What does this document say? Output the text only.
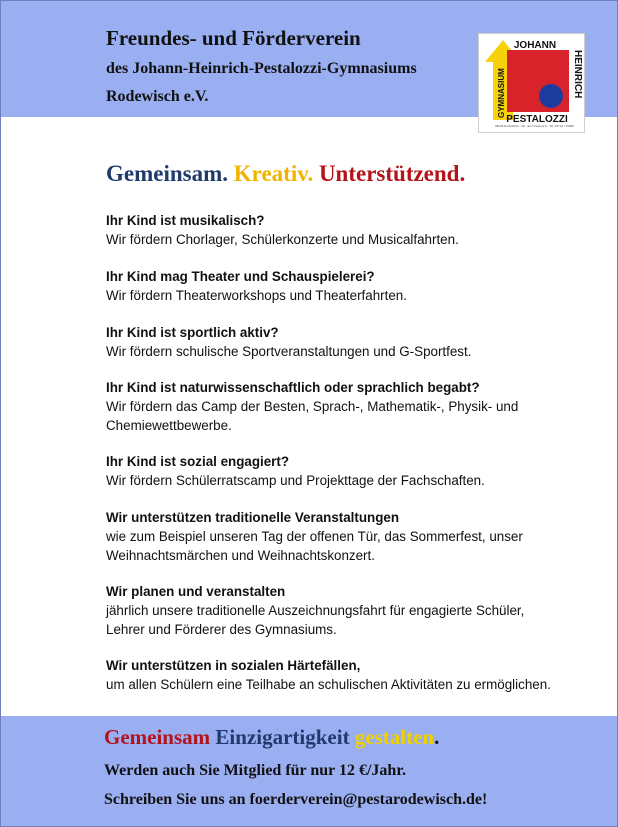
Freundes- und Förderverein
des Johann-Heinrich-Pestalozzi-Gymnasiums
Rodewisch e.V.
JOHANN
HEINRICH
PESTALOZZI
GYMNASIUM
08228 Rodewisch · Str. des Friedens 6 · Tel. 03744 / 36980
Gemeinsam. Kreativ. Unterstützend.
Ihr Kind ist musikalisch?
Wir fördern Chorlager, Schülerkonzerte und Musicalfahrten.
Ihr Kind mag Theater und Schauspielerei?
Wir fördern Theaterworkshops und Theaterfahrten.
Ihr Kind ist sportlich aktiv?
Wir fördern schulische Sportveranstaltungen und G-Sportfest.
Ihr Kind ist naturwissenschaftlich oder sprachlich begabt?
Wir fördern das Camp der Besten, Sprach-, Mathematik-, Physik- und
Chemiewettbewerbe.
Ihr Kind ist sozial engagiert?
Wir fördern Schülerratscamp und Projekttage der Fachschaften.
Wir unterstützen traditionelle Veranstaltungen
wie zum Beispiel unseren Tag der offenen Tür, das Sommerfest, unser
Weihnachtsmärchen und Weihnachtskonzert.
Wir planen und veranstalten
jährlich unsere traditionelle Auszeichnungsfahrt für engagierte Schüler,
Lehrer und Förderer des Gymnasiums.
Wir unterstützen in sozialen Härtefällen,
um allen Schülern eine Teilhabe an schulischen Aktivitäten zu ermöglichen.
Gemeinsam Einzigartigkeit gestalten.
Werden auch Sie Mitglied für nur 12 €/Jahr.
Schreiben Sie uns an foerderverein@pestarodewisch.de!
